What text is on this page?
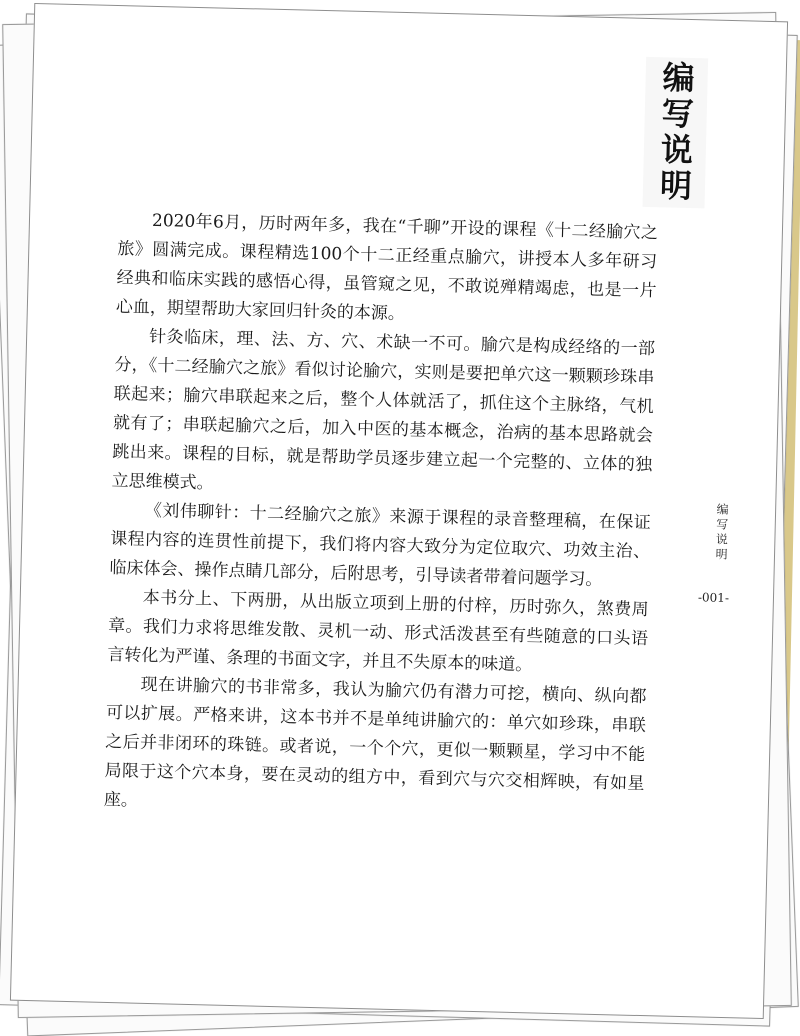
编写说明

2020年6月，历时两年多，我在“千聊”开设的课程《十二经腧穴之旅》圆满完成。课程精选100个十二正经重点腧穴，讲授本人多年研习经典和临床实践的感悟心得，虽管窥之见，不敢说殚精竭虑，也是一片心血，期望帮助大家回归针灸的本源。

针灸临床，理、法、方、穴、术缺一不可。腧穴是构成经络的一部分，《十二经腧穴之旅》看似讨论腧穴，实则是要把单穴这一颗颗珍珠串联起来；腧穴串联起来之后，整个人体就活了，抓住这个主脉络，气机就有了；串联起腧穴之后，加入中医的基本概念，治病的基本思路就会跳出来。课程的目标，就是帮助学员逐步建立起一个完整的、立体的独立思维模式。

《刘伟聊针：十二经腧穴之旅》来源于课程的录音整理稿，在保证课程内容的连贯性前提下，我们将内容大致分为定位取穴、功效主治、临床体会、操作点睛几部分，后附思考，引导读者带着问题学习。

本书分上、下两册，从出版立项到上册的付梓，历时弥久，煞费周章。我们力求将思维发散、灵机一动、形式活泼甚至有些随意的口头语言转化为严谨、条理的书面文字，并且不失原本的味道。

现在讲腧穴的书非常多，我认为腧穴仍有潜力可挖，横向、纵向都可以扩展。严格来讲，这本书并不是单纯讲腧穴的：单穴如珍珠，串联之后并非闭环的珠链。或者说，一个个穴，更似一颗颗星，学习中不能局限于这个穴本身，要在灵动的组方中，看到穴与穴交相辉映，有如星座。

编写说明
-001-
